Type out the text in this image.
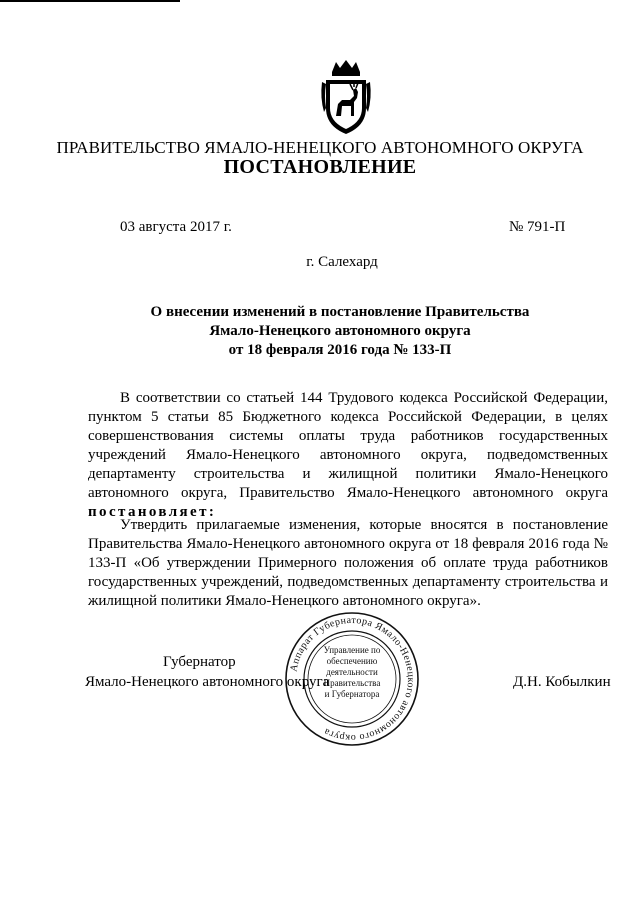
ПРАВИТЕЛЬСТВО ЯМАЛО-НЕНЕЦКОГО АВТОНОМНОГО ОКРУГА
ПОСТАНОВЛЕНИЕ
03 августа 2017 г.	№ 791-П
г. Салехард
О внесении изменений в постановление Правительства
Ямало-Ненецкого автономного округа
от 18 февраля 2016 года № 133-П

В соответствии со статьей 144 Трудового кодекса Российской Федерации, пунктом 5 статьи 85 Бюджетного кодекса Российской Федерации, в целях совершенствования системы оплаты труда работников государственных учреждений Ямало-Ненецкого автономного округа, подведомственных департаменту строительства и жилищной политики Ямало-Ненецкого автономного округа, Правительство Ямало-Ненецкого автономного округа постановляет:

Утвердить прилагаемые изменения, которые вносятся в постановление Правительства Ямало-Ненецкого автономного округа от 18 февраля 2016 года № 133-П «Об утверждении Примерного положения об оплате труда работников государственных учреждений, подведомственных департаменту строительства и жилищной политики Ямало-Ненецкого автономного округа».

Аппарат Губернатора Ямало-Ненецкого автономного округа
Управление по
обеспечению
деятельности
Правительства
и Губернатора
Губернатор
Ямало-Ненецкого автономного округа	Д.Н. Кобылкин
